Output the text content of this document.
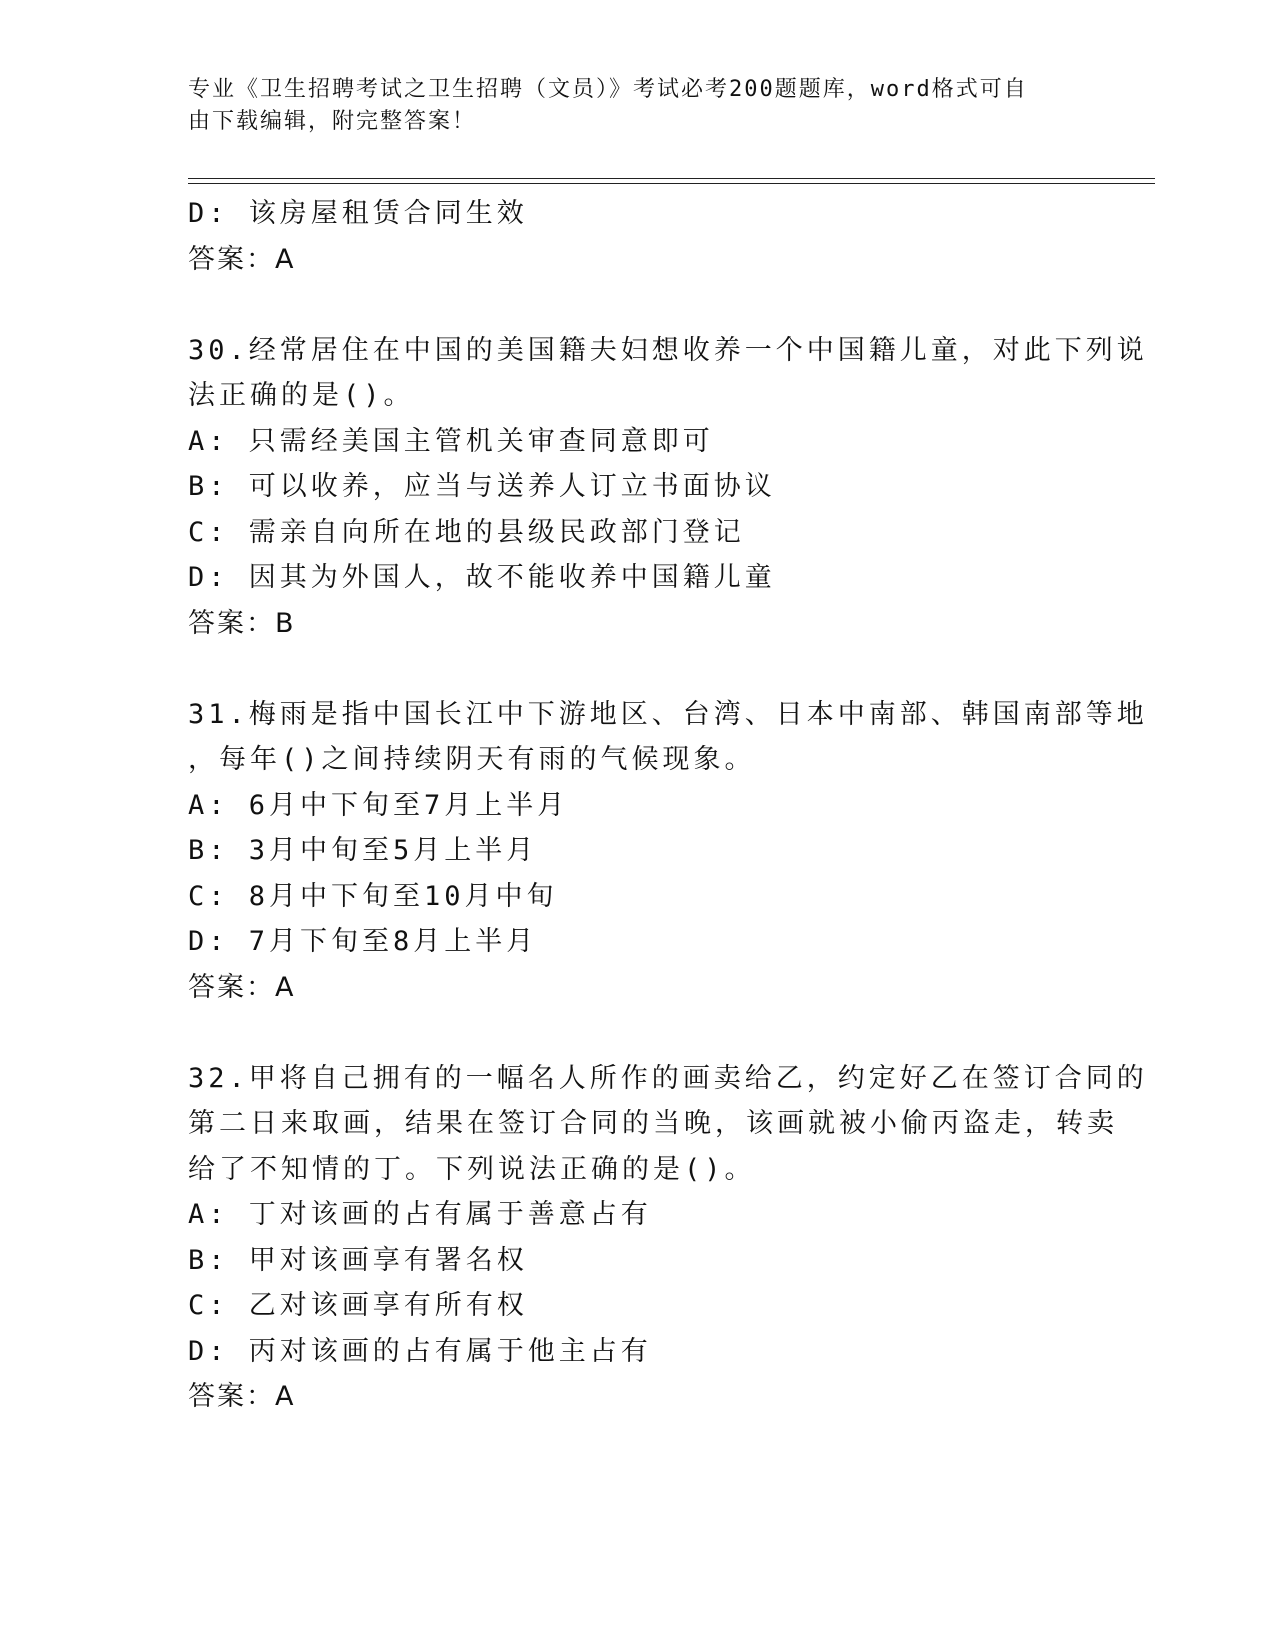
专业《卫生招聘考试之卫生招聘（文员）》考试必考200题题库，word格式可自
由下载编辑，附完整答案！
D: 该房屋租赁合同生效
答案：A
30.经常居住在中国的美国籍夫妇想收养一个中国籍儿童，对此下列说
法正确的是()。
A: 只需经美国主管机关审查同意即可
B: 可以收养，应当与送养人订立书面协议
C: 需亲自向所在地的县级民政部门登记
D: 因其为外国人，故不能收养中国籍儿童
答案：B
31.梅雨是指中国长江中下游地区、台湾、日本中南部、韩国南部等地
，每年()之间持续阴天有雨的气候现象。
A: 6月中下旬至7月上半月
B: 3月中旬至5月上半月
C: 8月中下旬至10月中旬
D: 7月下旬至8月上半月
答案：A
32.甲将自己拥有的一幅名人所作的画卖给乙，约定好乙在签订合同的
第二日来取画，结果在签订合同的当晚，该画就被小偷丙盗走，转卖
给了不知情的丁。下列说法正确的是()。
A: 丁对该画的占有属于善意占有
B: 甲对该画享有署名权
C: 乙对该画享有所有权
D: 丙对该画的占有属于他主占有
答案：A
